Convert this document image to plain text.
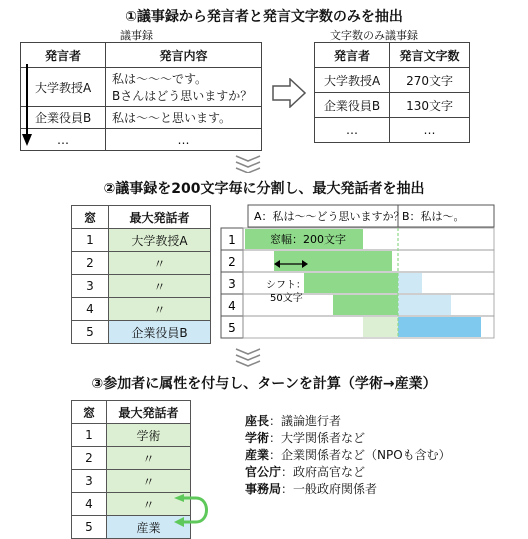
①議事録から発言者と発言文字数のみを抽出
議事録
発言者	発言内容
大学教授A	私は～～～です。
Bさんはどう思いますか？

企業役員B	私は～～と思います。
…	…
文字数のみ議事録
発言者	発言文字数
大学教授A	270文字
企業役員B	130文字
…	…
②議事録を200文字毎に分割し、最大発話者を抽出
窓	最大発話者
1	大学教授A
2	〃
3	〃
4	〃
5	企業役員B
A：私は～～どう思いますか？
B：私は～。
1
2
3
4
5
窓幅：200文字
シフト：
50文字
③参加者に属性を付与し、ターンを計算（学術→産業）
窓	最大発話者
1	学術
2	〃
3	〃
4	〃
5	産業
座長：議論進行者
学術：大学関係者など
産業：企業関係者など（NPOも含む）
官公庁：政府高官など
事務局：一般政府関係者
